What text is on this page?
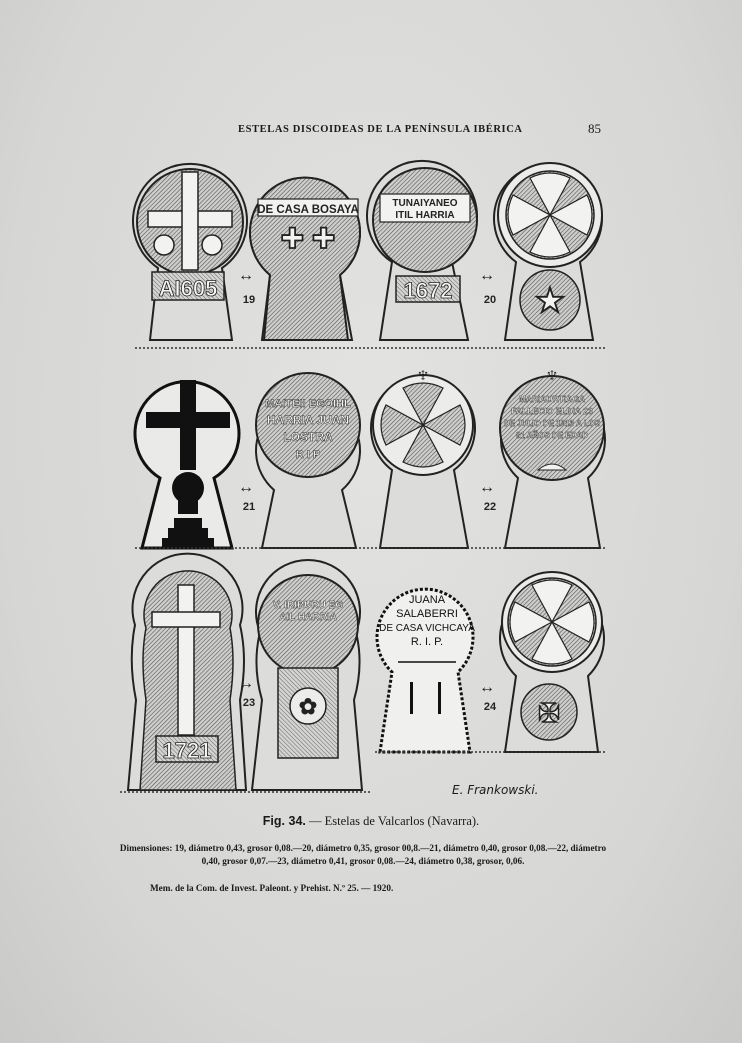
ESTELAS DISCOIDEAS DE LA PENÍNSULA IBÉRICA	85
AI605
DE CASA BOSAYA
✚ ✚
↔
19
TUNAIYANEO
ITIL HARRIA
1672
↔
20 ★
↔
21
MAITEII EGOIHL
HARRIA JUAN
LOSTRA
R I P
♆
↔
22
♆
MARIAURTIAGA
FALLECIO ELDIA 23
DE JULIO DE 1913 A LOS
81 AÑOS DE EDAD
1721
↔
23
V. IRIBURU EG
AIL HARRIA
✿
JUANA
SALABERRI
DE CASA VICHCAYA
R. I. P.
↔
24 ✠
E. Frankowski.
Fig. 34. — Estelas de Valcarlos (Navarra).
Dimensiones: 19, diámetro 0,43, grosor 0,08.—20, diámetro 0,35, grosor 00,8.—21, diámetro 0,40, grosor 0,08.—22, diámetro 0,40, grosor 0,07.—23, diámetro 0,41, grosor 0,08.—24, diámetro 0,38, grosor, 0,06.
Mem. de la Com. de Invest. Paleont. y Prehist. N.º 25. — 1920.
